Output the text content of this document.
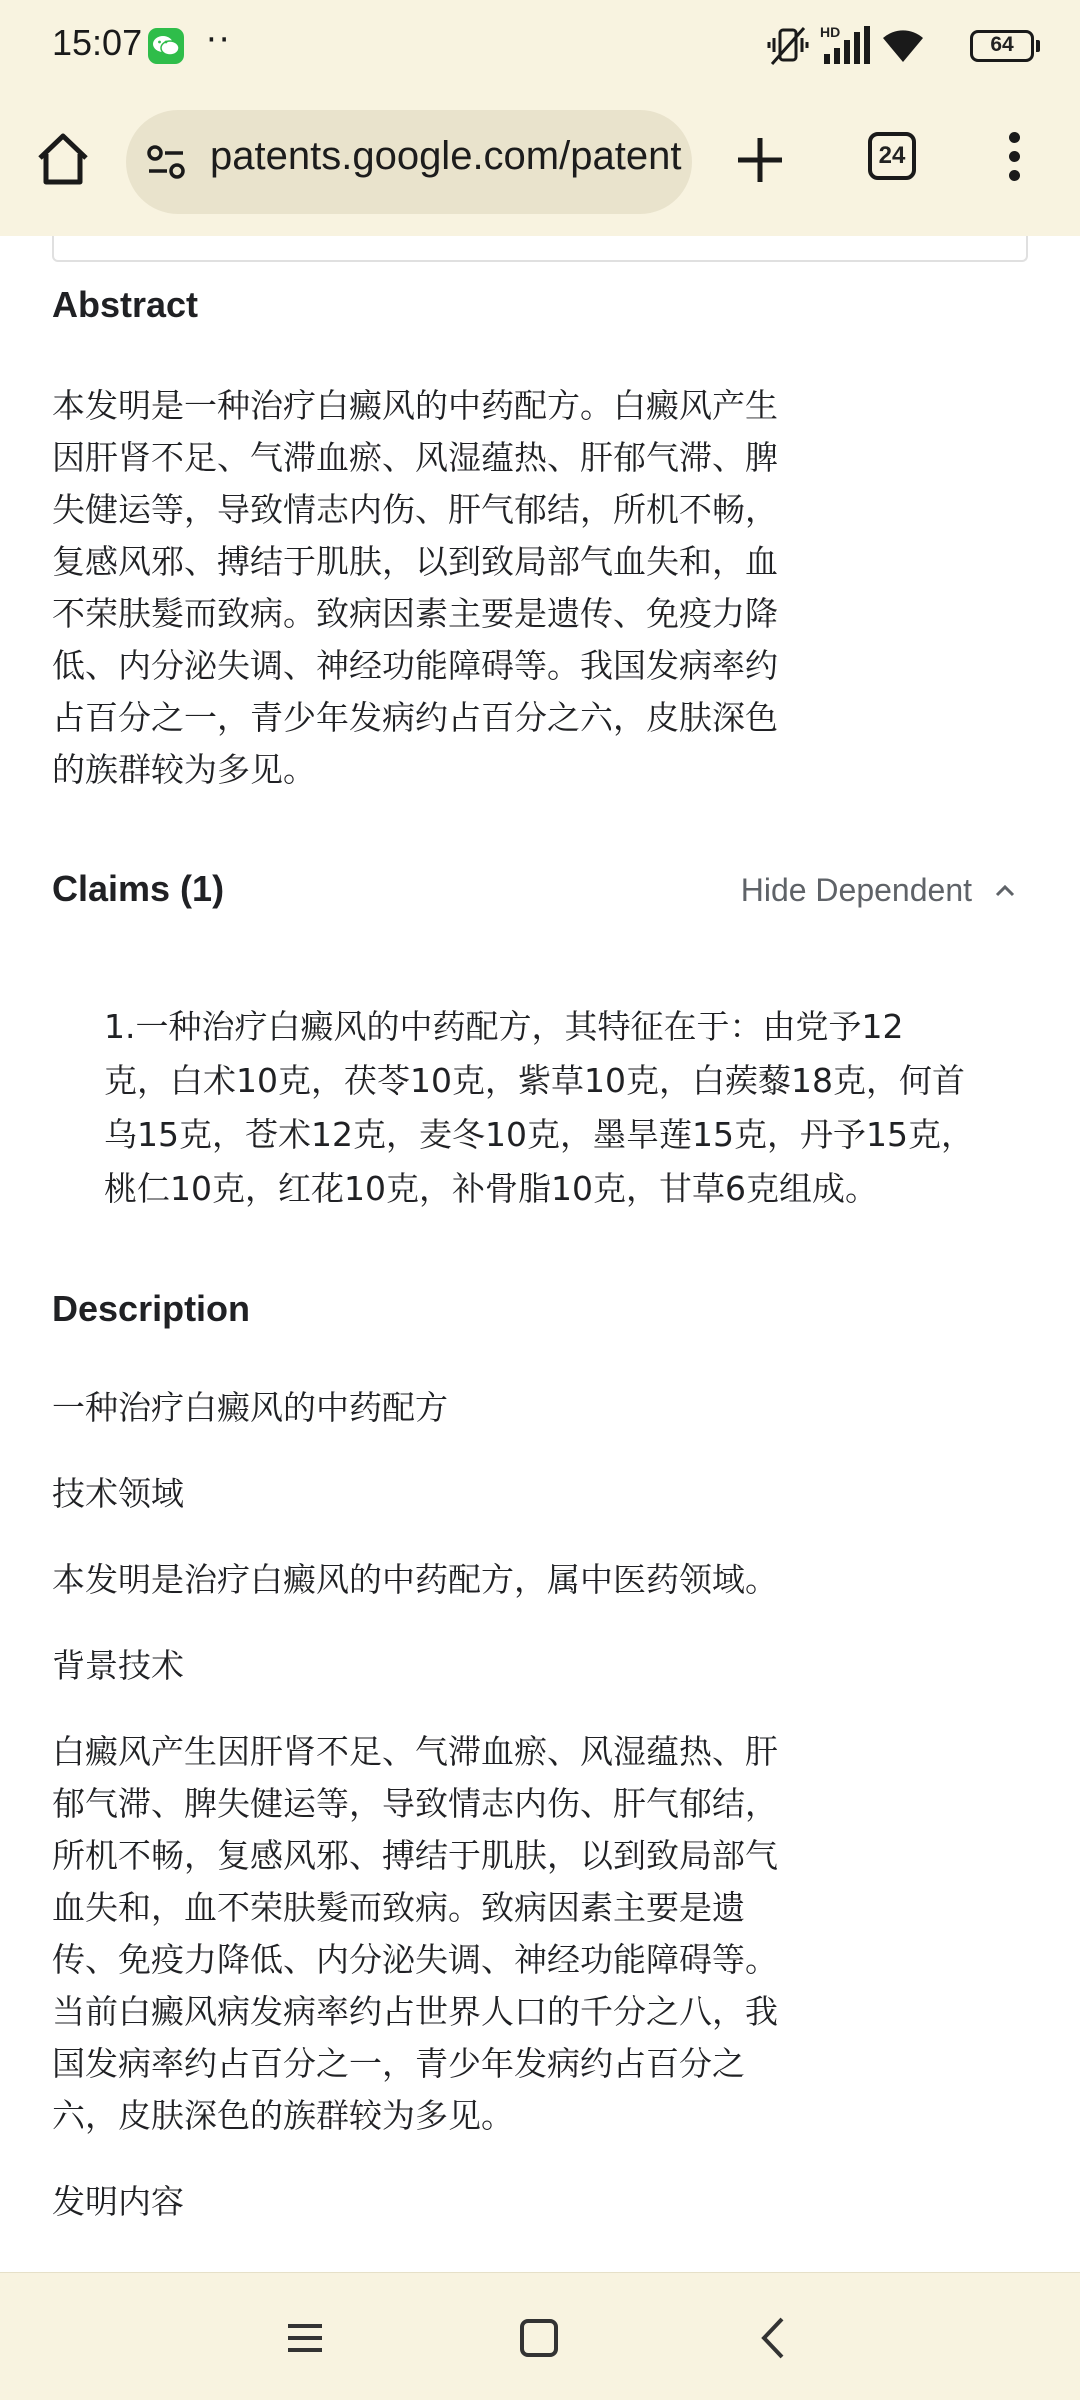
15:07 ··	HD
64
patents.google.com/patent	24
Abstract

本发明是一种治疗白癜风的中药配方。白癜风产生
因肝肾不足、气滞血瘀、风湿蕴热、肝郁气滞、脾
失健运等，导致情志内伤、肝气郁结，所机不畅，
复感风邪、搏结于肌肤，以到致局部气血失和，血
不荣肤髮而致病。致病因素主要是遗传、免疫力降
低、内分泌失调、神经功能障碍等。我国发病率约
占百分之一，青少年发病约占百分之六，皮肤深色
的族群较为多见。

Claims (1)	Hide Dependent

1.一种治疗白癜风的中药配方，其特征在于：由党予12
克，白术10克，茯苓10克，紫草10克，白蒺藜18克，何首
乌15克，苍术12克，麦冬10克，墨旱莲15克，丹予15克，
桃仁10克，红花10克，补骨脂10克，甘草6克组成。

Description

一种治疗白癜风的中药配方

技术领域

本发明是治疗白癜风的中药配方，属中医药领域。

背景技术

白癜风产生因肝肾不足、气滞血瘀、风湿蕴热、肝
郁气滞、脾失健运等，导致情志内伤、肝气郁结，
所机不畅，复感风邪、搏结于肌肤，以到致局部气
血失和，血不荣肤髮而致病。致病因素主要是遗
传、免疫力降低、内分泌失调、神经功能障碍等。
当前白癜风病发病率约占世界人口的千分之八，我
国发病率约占百分之一，青少年发病约占百分之
六，皮肤深色的族群较为多见。

发明内容
